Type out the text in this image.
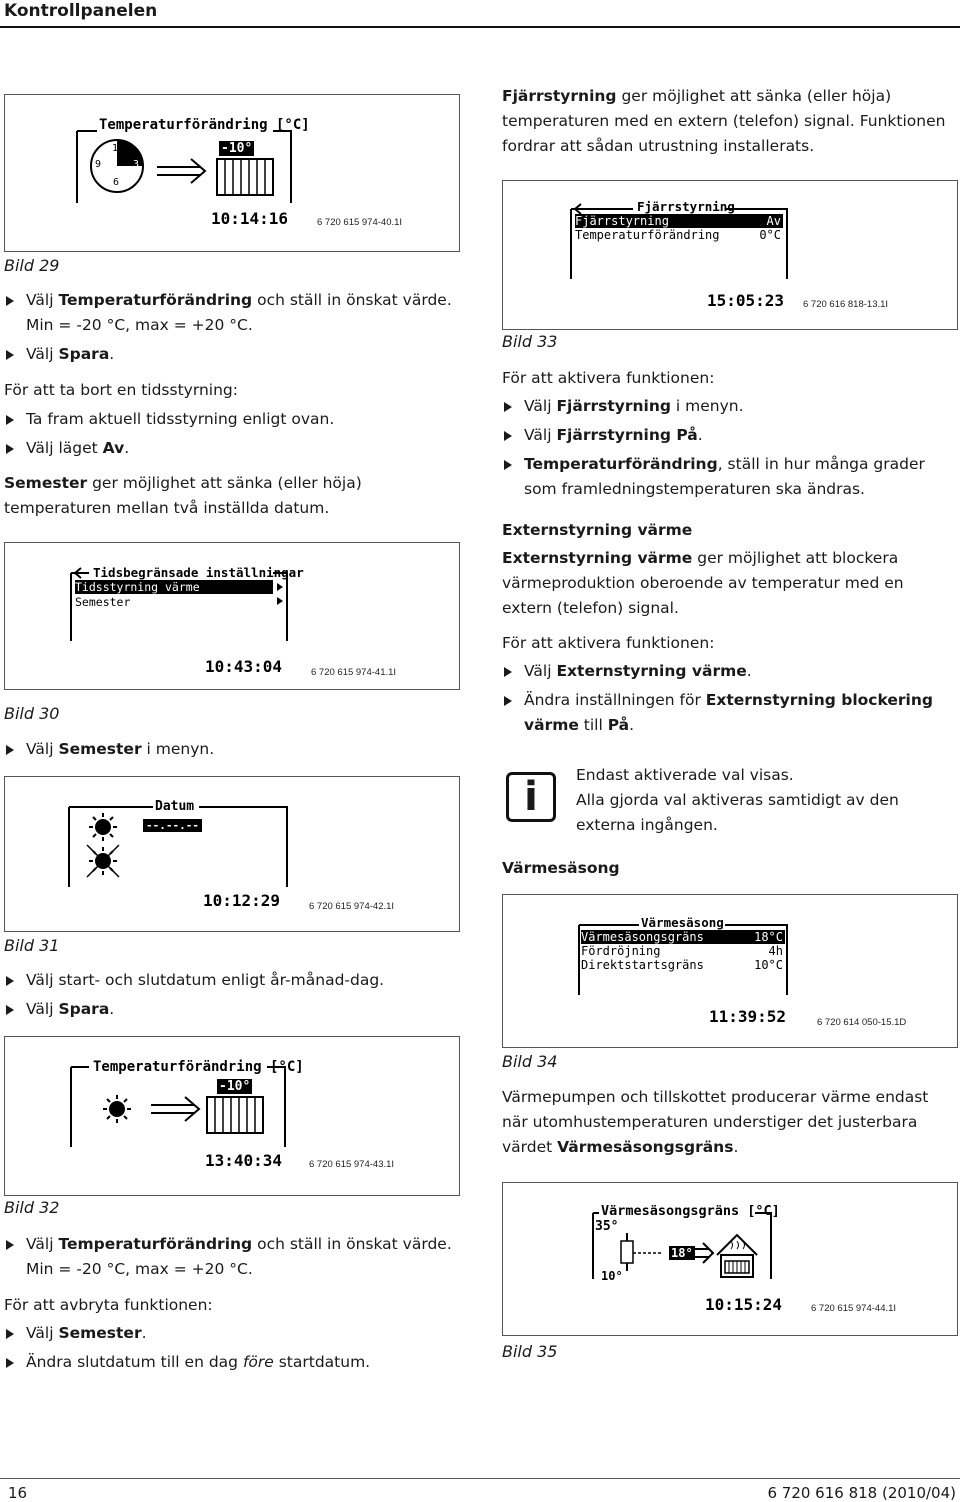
Kontrollpanelen
Temperaturförändring [°C]
12
3
6
9
-10°
10:14:16	6 720 615 974-40.1I
Bild 29
Välj Temperaturförändring och ställ in önskat värde. Min = -20 °C, max = +20 °C.
Välj Spara.
För att ta bort en tidsstyrning:
Ta fram aktuell tidsstyrning enligt ovan.
Välj läget Av.
Semester ger möjlighet att sänka (eller höja) temperaturen mellan två inställda datum.
Tidsbegränsade inställningar
Tidsstyrning värme
Semester
10:43:04	6 720 615 974-41.1I
Bild 30
Välj Semester i menyn.
Datum
--.--.--
10:12:29	6 720 615 974-42.1I
Bild 31
Välj start- och slutdatum enligt år-månad-dag.
Välj Spara.
Temperaturförändring [°C]
-10°
13:40:34	6 720 615 974-43.1I
Bild 32
Välj Temperaturförändring och ställ in önskat värde. Min = -20 °C, max = +20 °C.
För att avbryta funktionen:
Välj Semester.
Ändra slutdatum till en dag före startdatum.
Fjärrstyrning ger möjlighet att sänka (eller höja) temperaturen med en extern (telefon) signal. Funktionen fordrar att sådan utrustning installerats.
Fjärrstyrning
Fjärrstyrning	Av
Temperaturförändring	0°C
15:05:23 6 720 616 818-13.1I
Bild 33
För att aktivera funktionen:
Välj Fjärrstyrning i menyn.
Välj Fjärrstyrning På.
Temperaturförändring, ställ in hur många grader som framledningstemperaturen ska ändras.
Externstyrning värme
Externstyrning värme ger möjlighet att blockera värmeproduktion oberoende av temperatur med en extern (telefon) signal.
För att aktivera funktionen:
Välj Externstyrning värme.
Ändra inställningen för Externstyrning blockering värme till På.
i Endast aktiverade val visas.
Alla gjorda val aktiveras samtidigt av den externa ingången.
Värmesäsong
Värmesäsong
Värmesäsongsgräns	18°C
Fördröjning	4h
Direktstartsgräns	10°C
11:39:52	6 720 614 050-15.1D
Bild 34
Värmepumpen och tillskottet producerar värme endast när utomhustemperaturen understiger det justerbara värdet Värmesäsongsgräns.
Värmesäsongsgräns [°C]
35°
10°
18°
10:15:24	6 720 615 974-44.1I
Bild 35
16	6 720 616 818 (2010/04)
